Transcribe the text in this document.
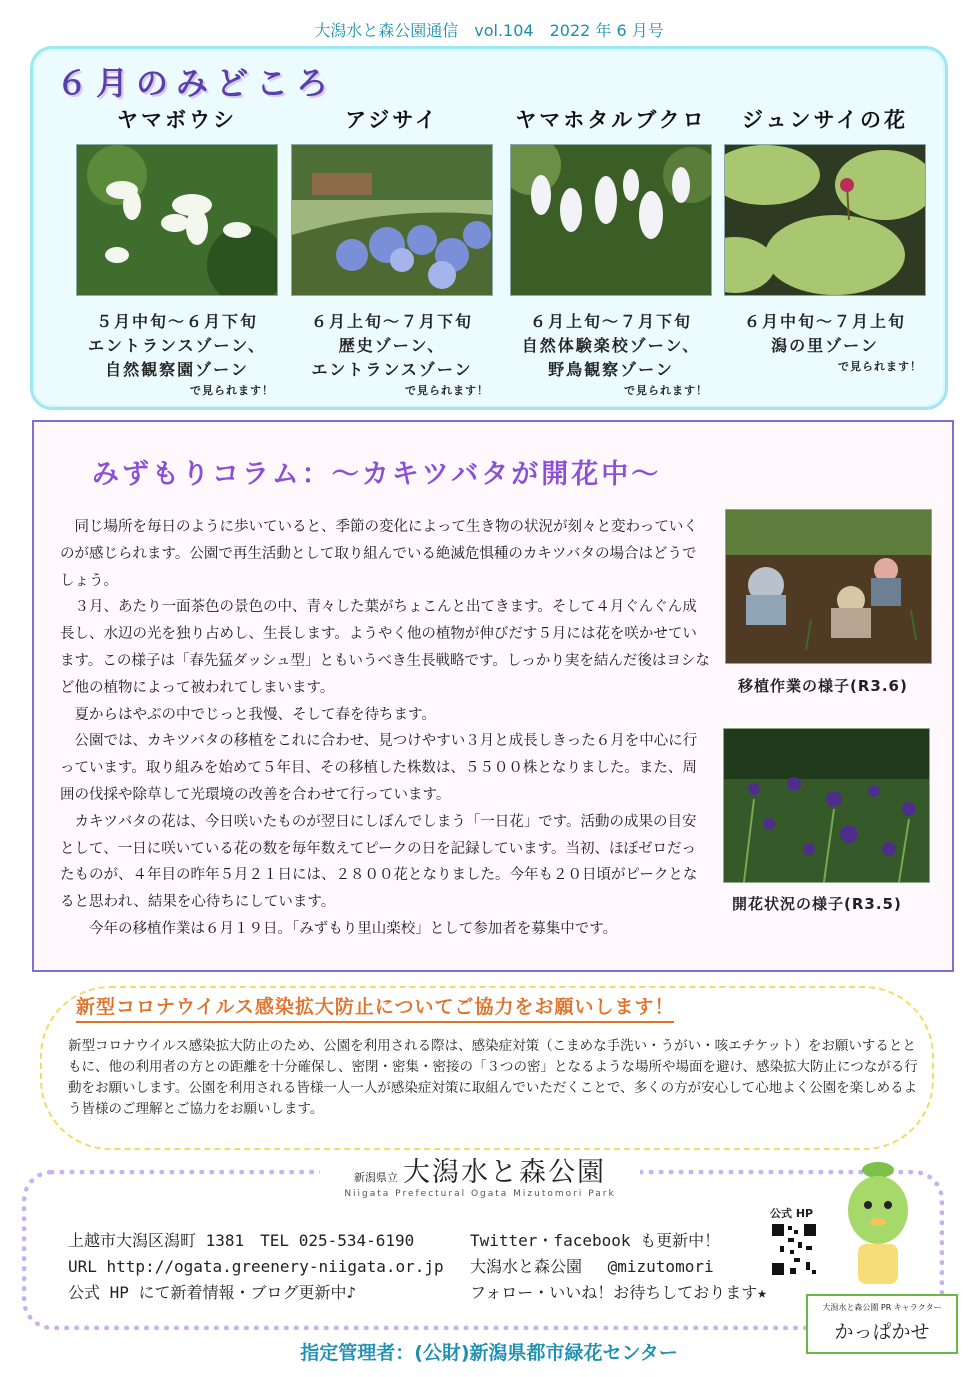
大潟水と森公園通信　vol.104　2022 年 6 月号
６月のみどころ
ヤマボウシ
５月中旬～６月下旬
エントランスゾーン、
自然観察園ゾーン
で見られます！
アジサイ
６月上旬～７月下旬
歴史ゾーン、
エントランスゾーン
で見られます！
ヤマホタルブクロ
６月上旬～７月下旬
自然体験楽校ゾーン、
野鳥観察ゾーン
で見られます！
ジュンサイの花
６月中旬～７月上旬
潟の里ゾーン
で見られます！
みずもりコラム：～カキツバタが開花中～

同じ場所を毎日のように歩いていると、季節の変化によって生き物の状況が刻々と変わっていくのが感じられます。公園で再生活動として取り組んでいる絶滅危惧種のカキツバタの場合はどうでしょう。

３月、あたり一面茶色の景色の中、青々した葉がちょこんと出てきます。そして４月ぐんぐん成長し、水辺の光を独り占めし、生長します。ようやく他の植物が伸びだす５月には花を咲かせています。この様子は「春先猛ダッシュ型」ともいうべき生長戦略です。しっかり実を結んだ後はヨシなど他の植物によって被われてしまいます。

夏からはやぶの中でじっと我慢、そして春を待ちます。

公園では、カキツバタの移植をこれに合わせ、見つけやすい３月と成長しきった６月を中心に行っています。取り組みを始めて５年目、その移植した株数は、５５００株となりました。また、周囲の伐採や除草して光環境の改善を合わせて行っています。

カキツバタの花は、今日咲いたものが翌日にしぼんでしまう「一日花」です。活動の成果の目安として、一日に咲いている花の数を毎年数えてピークの日を記録しています。当初、ほぼゼロだったものが、４年目の昨年５月２１日には、２８００花となりました。今年も２０日頃がピークとなると思われ、結果を心待ちにしています。

今年の移植作業は６月１９日。「みずもり里山楽校」として参加者を募集中です。

移植作業の様子(R3.6)
開花状況の様子(R3.5)
新型コロナウイルス感染拡大防止についてご協力をお願いします！
新型コロナウイルス感染拡大防止のため、公園を利用される際は、感染症対策（こまめな手洗い・うがい・咳エチケット）をお願いするとともに、他の利用者の方との距離を十分確保し、密閉・密集・密接の「３つの密」となるような場所や場面を避け、感染拡大防止につながる行動をお願いします。公園を利用される皆様一人一人が感染症対策に取組んでいただくことで、多くの方が安心して心地よく公園を楽しめるよう皆様のご理解とご協力をお願いします。
新潟県立 大潟水と森公園
Niigata Prefectural Ogata Mizutomori Park
上越市大潟区潟町 1381　TEL 025-534-6190
URL http://ogata.greenery-niigata.or.jp
公式 HP にて新着情報・ブログ更新中♪
Twitter・facebook も更新中！
大潟水と森公園　 @mizutomori
フォロー・いいね！お待ちしております★
公式 HP
大潟水と森公園 PR キャラクター
かっぱかせ
指定管理者：(公財)新潟県都市緑花センター
